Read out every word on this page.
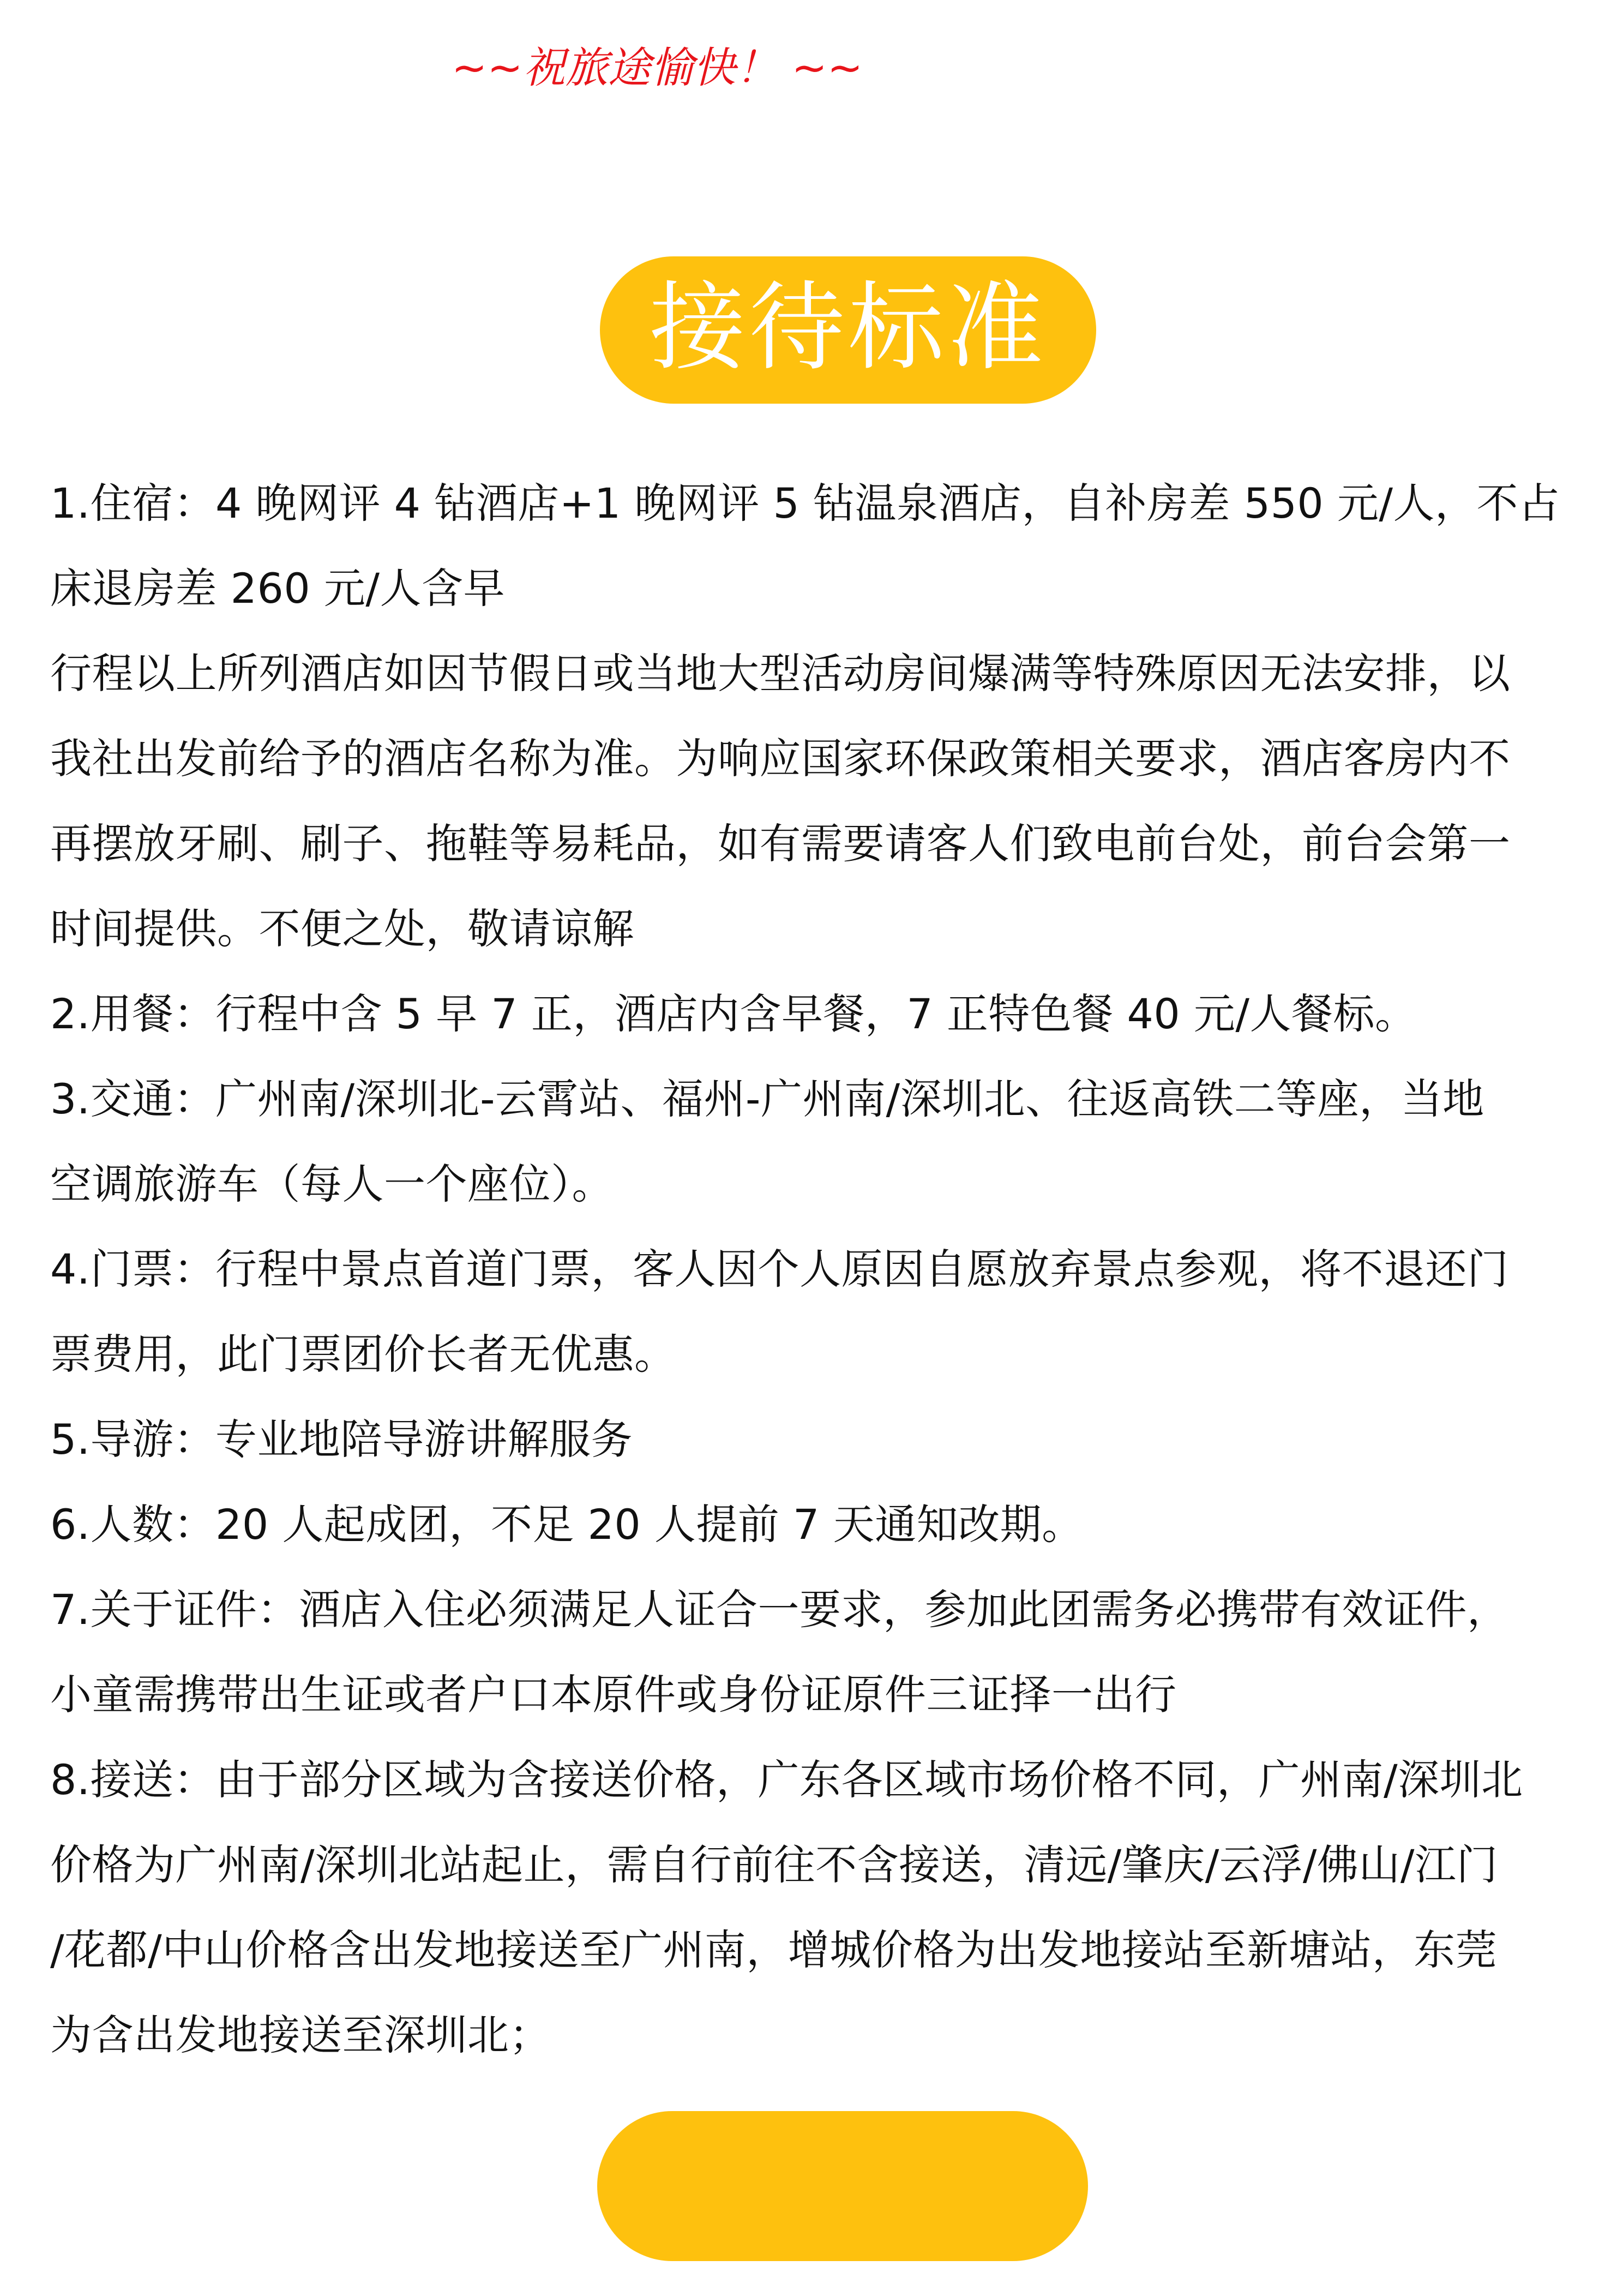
~~祝旅途愉快！ ~~
接待标准

1.住宿：4 晚网评 4 钻酒店+1 晚网评 5 钻温泉酒店，自补房差 550 元/人，不占

床退房差 260 元/人含早

行程以上所列酒店如因节假日或当地大型活动房间爆满等特殊原因无法安排，以

我社出发前给予的酒店名称为准。为响应国家环保政策相关要求，酒店客房内不

再摆放牙刷、刷子、拖鞋等易耗品，如有需要请客人们致电前台处，前台会第一

时间提供。不便之处，敬请谅解

2.用餐：行程中含 5 早 7 正，酒店内含早餐，7 正特色餐 40 元/人餐标。

3.交通：广州南/深圳北-云霄站、福州-广州南/深圳北、往返高铁二等座，当地

空调旅游车（每人一个座位）。

4.门票：行程中景点首道门票，客人因个人原因自愿放弃景点参观，将不退还门

票费用，此门票团价长者无优惠。

5.导游：专业地陪导游讲解服务

6.人数：20 人起成团，不足 20 人提前 7 天通知改期。

7.关于证件：酒店入住必须满足人证合一要求，参加此团需务必携带有效证件，

小童需携带出生证或者户口本原件或身份证原件三证择一出行

8.接送：由于部分区域为含接送价格，广东各区域市场价格不同，广州南/深圳北

价格为广州南/深圳北站起止，需自行前往不含接送，清远/肇庆/云浮/佛山/江门

/花都/中山价格含出发地接送至广州南，增城价格为出发地接站至新塘站，东莞

为含出发地接送至深圳北；
